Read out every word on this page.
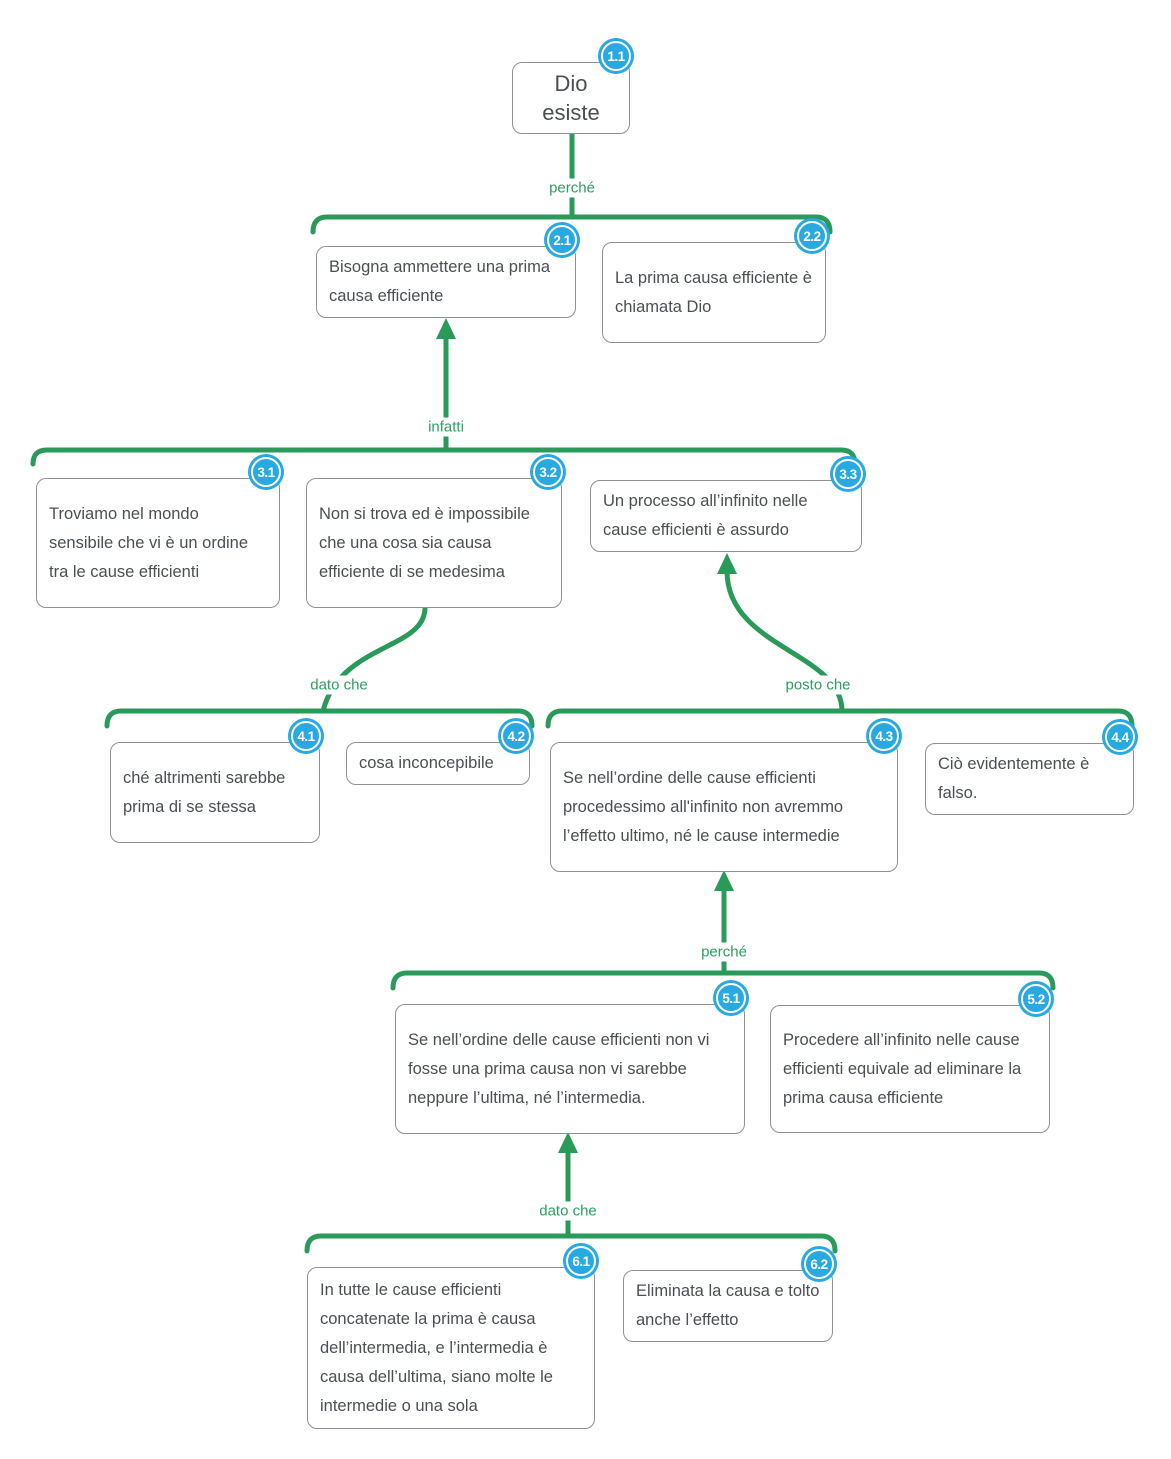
1.1
Dio esiste
2.1
Bisogna ammettere una prima causa efficiente
2.2
La prima causa efficiente è chiamata Dio
3.1
Troviamo nel mondo sensibile che vi è un ordine tra le cause efficienti
3.2
Non si trova ed è impossibile che una cosa sia causa efficiente di se medesima
3.3
Un processo all’infinito nelle cause efficienti è assurdo
4.1
ché altrimenti sarebbe prima di se stessa
4.2
cosa inconcepibile
4.3
Se nell’ordine delle cause efficienti procedessimo all'infinito non avremmo l’effetto ultimo, né le cause intermedie
4.4
Ciò evidentemente è falso.
5.1
Se nell’ordine delle cause efficienti non vi fosse una prima causa non vi sarebbe neppure l’ultima, né l’intermedia.
5.2
Procedere all’infinito nelle cause efficienti equivale ad eliminare la prima causa efficiente
6.1
In tutte le cause efficienti concatenate la prima è causa dell’intermedia, e l’intermedia è causa dell’ultima, siano molte le intermedie o una sola
6.2
Eliminata la causa e tolto anche l’effetto
perché
infatti
dato che	posto che
perché
dato che
